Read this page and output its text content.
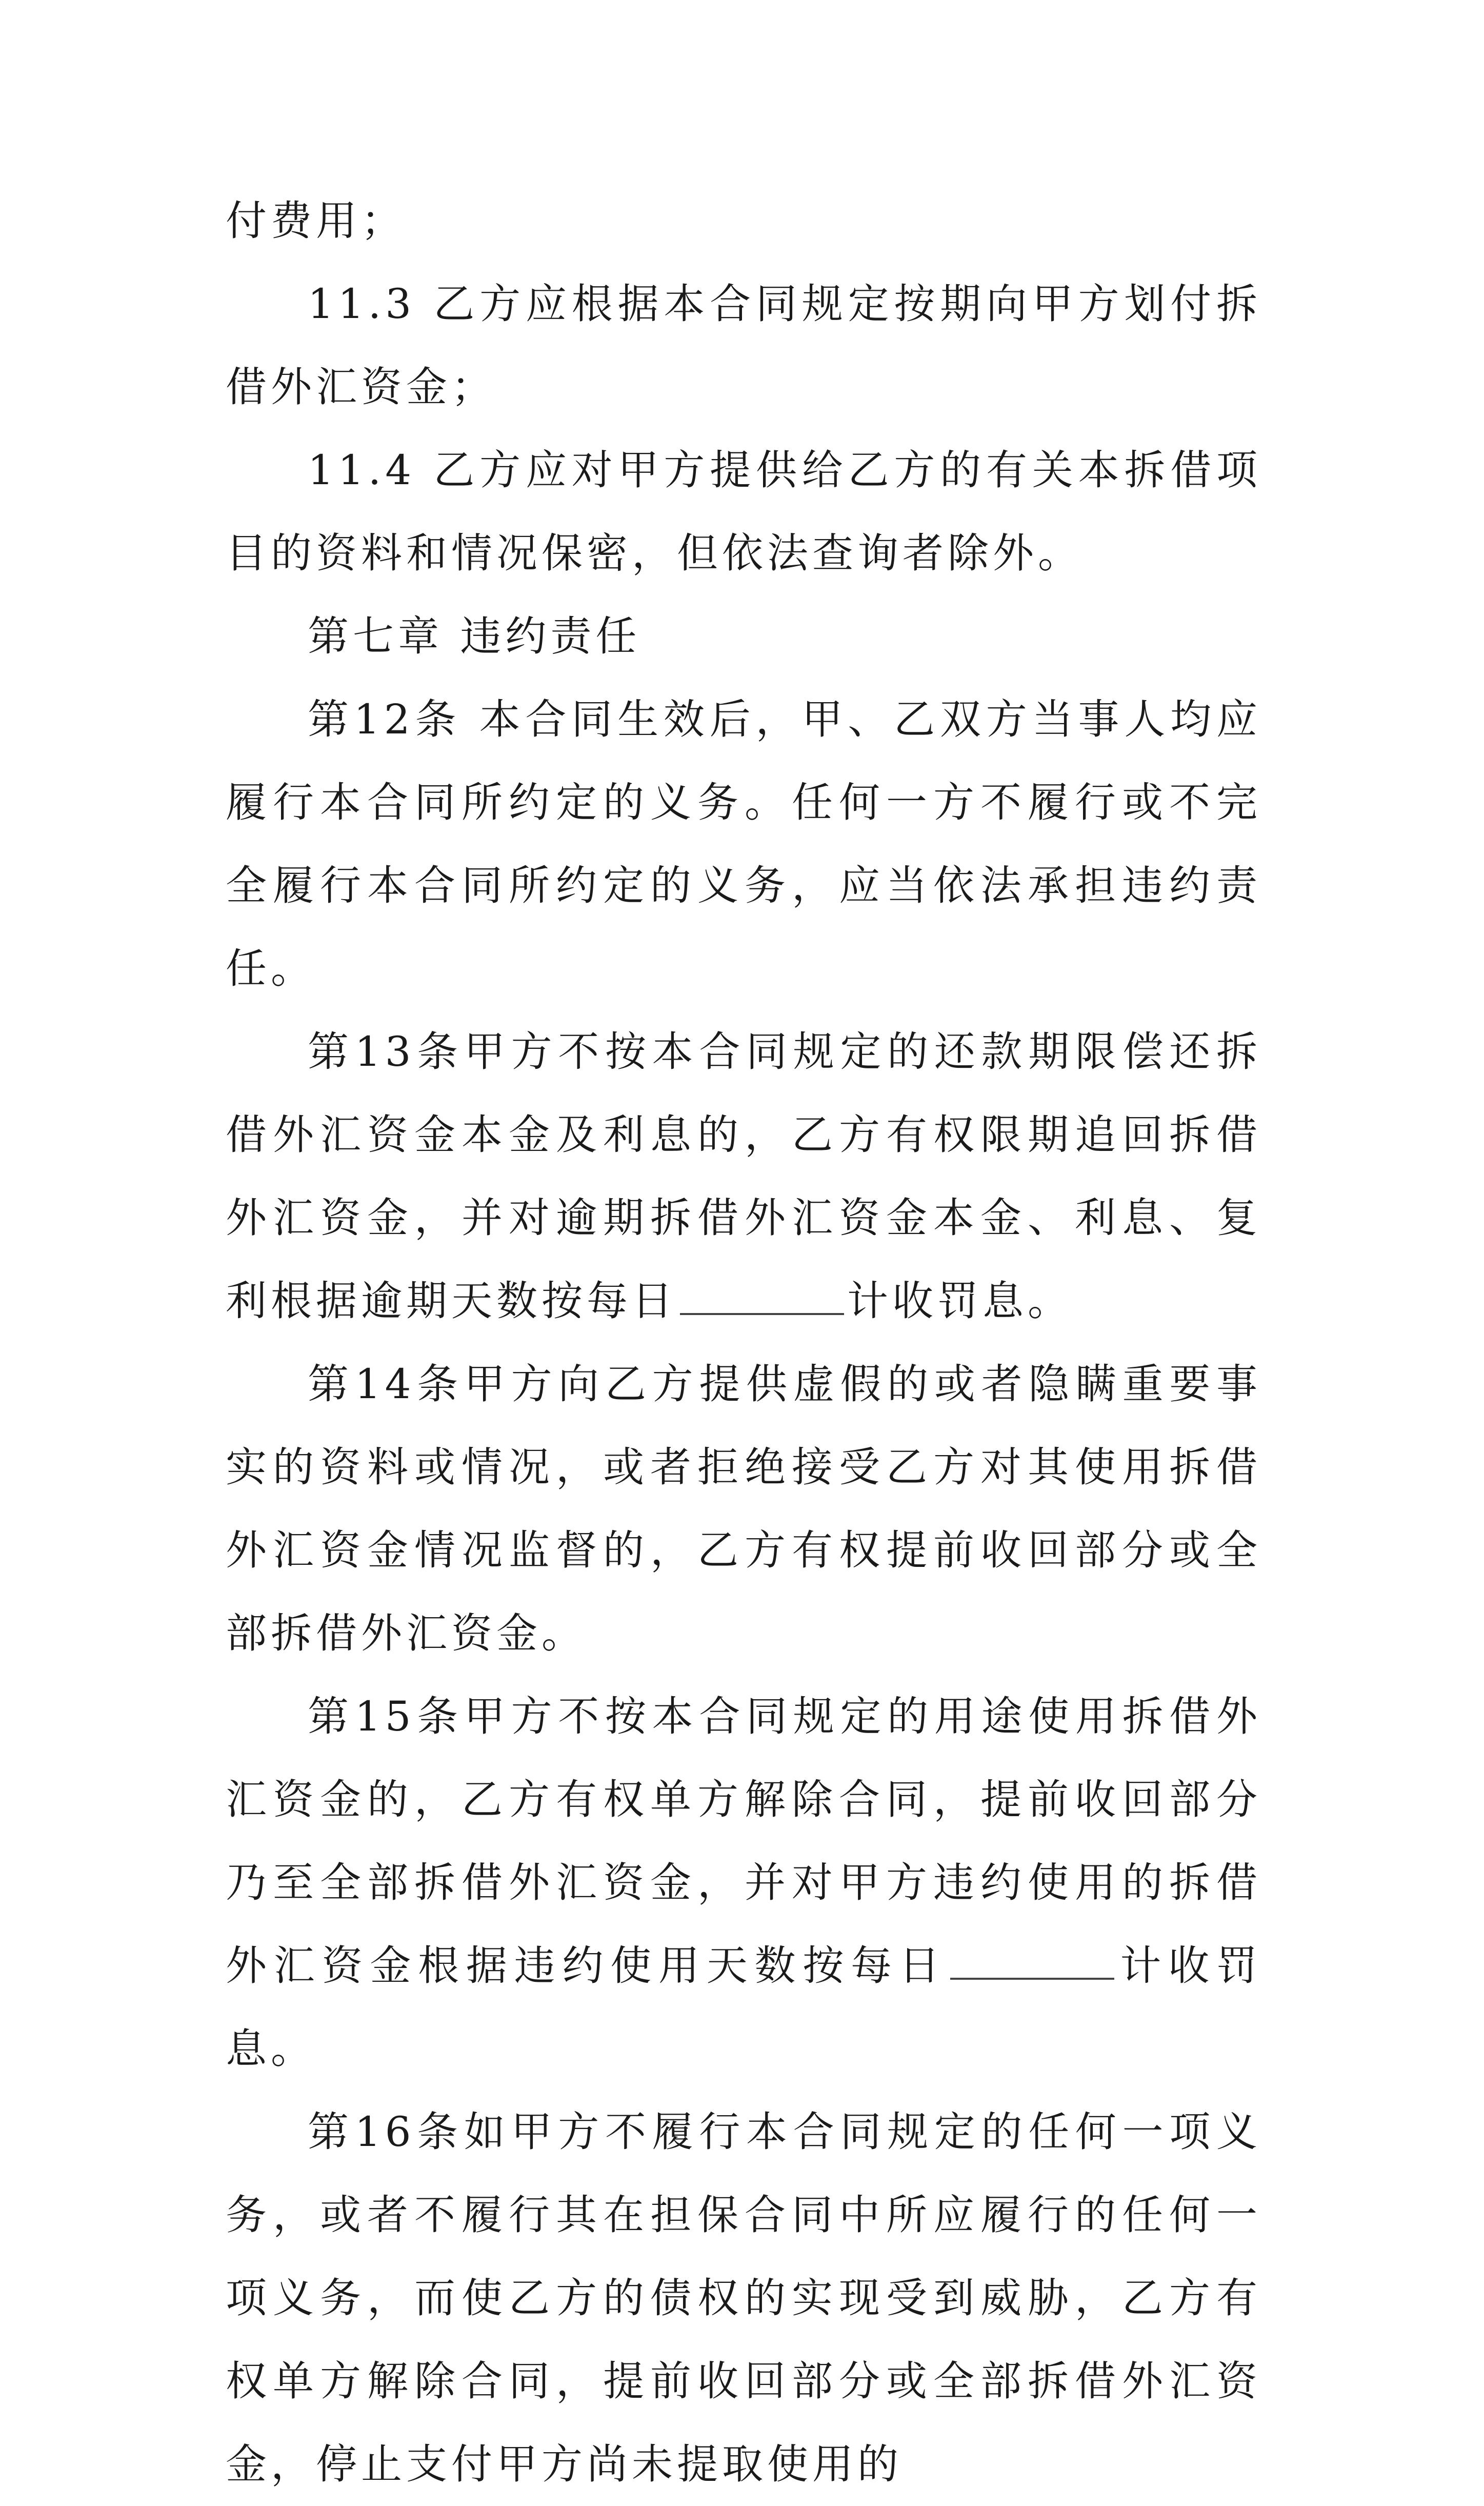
付费用；

11.3 乙方应根据本合同规定按期向甲方划付拆借外汇资金；

11.4 乙方应对甲方提供给乙方的有关本拆借项目的资料和情况保密，但依法查询者除外。

第七章 违约责任

第12条 本合同生效后，甲、乙双方当事人均应履行本合同所约定的义务。任何一方不履行或不完全履行本合同所约定的义务，应当依法承担违约责任。

第13条甲方不按本合同规定的还款期限偿还拆借外汇资金本金及利息的，乙方有权限期追回拆借外汇资金，并对逾期拆借外汇资金本金、利息、复利根据逾期天数按每日	计收罚息。

第14条甲方向乙方提供虚假的或者隐瞒重要事实的资料或情况，或者拒绝接受乙方对其使用拆借外汇资金情况监督的，乙方有权提前收回部分或全部拆借外汇资金。

第15条甲方不按本合同规定的用途使用拆借外汇资金的，乙方有权单方解除合同，提前收回部分乃至全部拆借外汇资金，并对甲方违约使用的拆借外汇资金根据违约使用天数按每日	计收罚息。

第16条如甲方不履行本合同规定的任何一项义务，或者不履行其在担保合同中所应履行的任何一项义务，而使乙方的债权的实现受到威胁，乙方有权单方解除合同，提前收回部分或全部拆借外汇资金，停止支付甲方尚未提取使用的
